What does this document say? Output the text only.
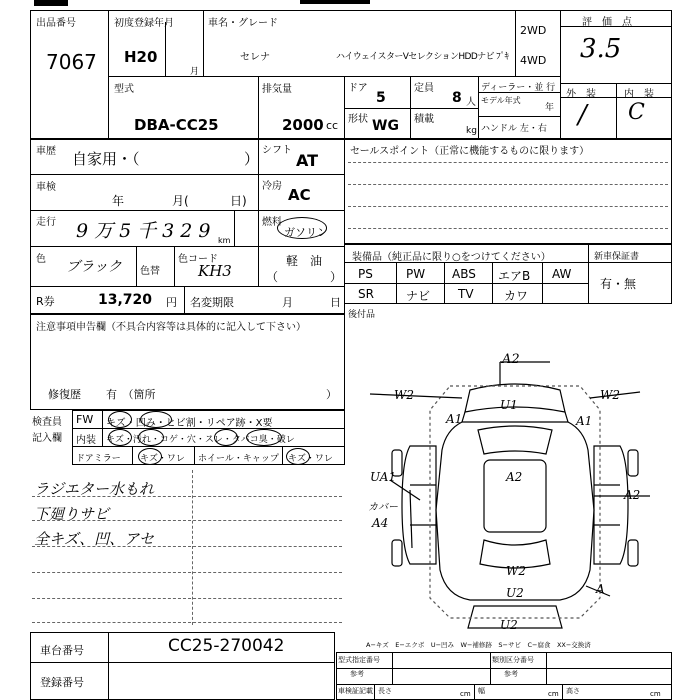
出品番号
7067
初度登録年月
H20
月
車名・グレード
セレナ	ハイウェイスターVセレクションHDDナビ ﾌﾟｷ
2WD
4WD
評　価　点
3.5
型式
DBA-CC25
排気量
2000 cc
ドア
5
定員
8 人
形状 WG 積載
kg
ディーラー・並 行
モデル年式
年
ハンドル 左・右
外　装	内　装
/ C
車歴 自家用・（	） シフト
AT
車検
年	月(	日)
冷房 AC
走行 9万5千329 km
燃料
ガソリン
色 ブラック 色替
色コード
KH3
軽　油
（	）
R券	13,720 円 名変期限	月	日
セールスポイント（正常に機能するものに限ります）
装備品（純正品に限り○をつけてください）	新車保証書
有・無
PS	PW ABS エアB AW
SR	ナビ TV	カワ
後付品
注意事項申告欄（不具合内容等は具体的に記入して下さい）
修復歴 有　（箇所	）
検査員
記入欄
FW キズ・凹み・ヒビ割・リペア跡・X要
内装 キズ・汚れ・コゲ・穴・スレ・タバコ臭・破レ
ドアミラー キズ・ワレ ホイール・キャップ キズ・ワレ
ラジエター水もれ
下廻りサビ
全キズ、凹、アセ
A2
W2
U1
W2
A1	A1
A2
A2
UA1
カバー
A4
W2
U2	A
U2
A−キズ　E−エクボ　U−凹み　W−補修跡　S−サビ　C−腐食　XX−交換済
車台番号	CC25-270042
登録番号
型式指定番号
参考
類別区分番号
参考
車検証記載 長さ	cm 幅	cm 高さ	cm
